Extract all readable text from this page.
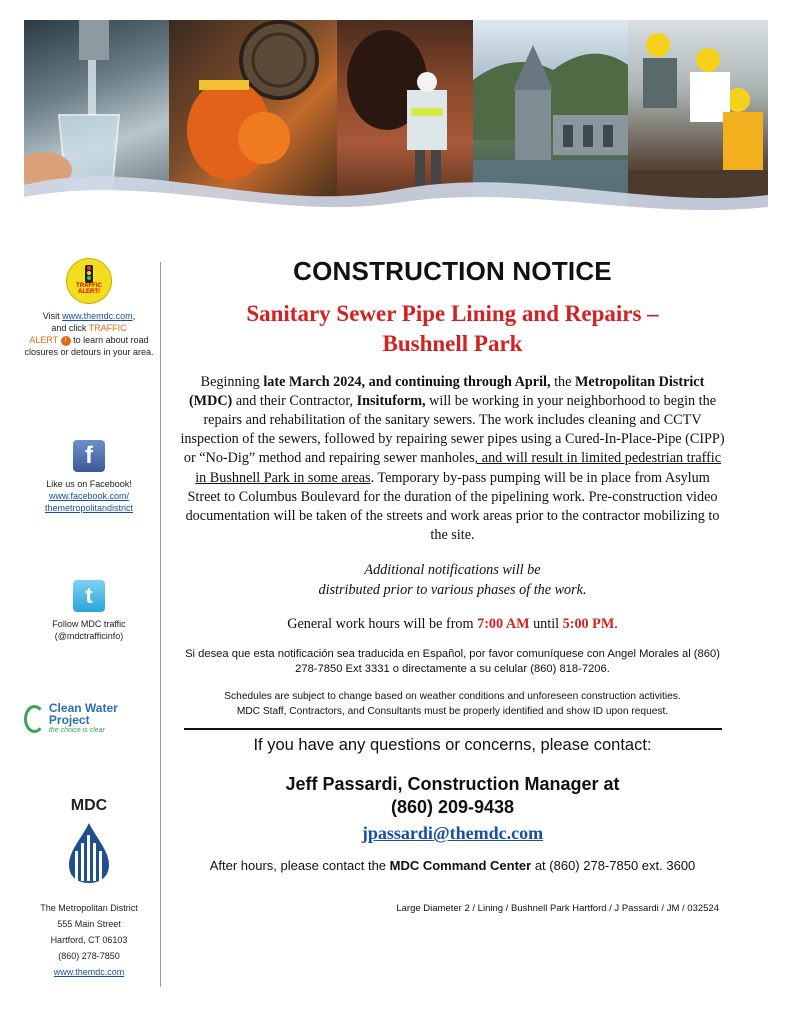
TRAFFIC ALERT!
Visit www.themdc.com,
and click TRAFFIC
ALERT ! to learn about road closures or detours in your area.
f
Like us on Facebook!
www.facebook.com/ themetropolitandistrict
t
Follow MDC traffic
(@mdctrafficinfo)
Clean Water Project
the choice is clear
MDC
The Metropolitan District
555 Main Street
Hartford, CT 06103
(860) 278-7850
www.themdc.com
CONSTRUCTION NOTICE
Sanitary Sewer Pipe Lining and Repairs –
Bushnell Park

Beginning late March 2024, and continuing through April, the Metropolitan District (MDC) and their Contractor, Insituform, will be working in your neighborhood to begin the repairs and rehabilitation of the sanitary sewers. The work includes cleaning and CCTV inspection of the sewers, followed by repairing sewer pipes using a Cured-In-Place-Pipe (CIPP) or “No-Dig” method and repairing sewer manholes, and will result in limited pedestrian traffic in Bushnell Park in some areas. Temporary by-pass pumping will be in place from Asylum Street to Columbus Boulevard for the duration of the pipelining work. Pre-construction video documentation will be taken of the streets and work areas prior to the contractor mobilizing to the site.

Additional notifications will be
distributed prior to various phases of the work.

General work hours will be from 7:00 AM until 5:00 PM.

Si desea que esta notificación sea traducida en Español, por favor comuníquese con Angel Morales al (860) 278-7850 Ext 3331 o directamente a su celular (860) 818-7206.

Schedules are subject to change based on weather conditions and unforeseen construction activities.
MDC Staff, Contractors, and Consultants must be properly identified and show ID upon request.

If you have any questions or concerns, please contact:
Jeff Passardi, Construction Manager at
(860) 209-9438
jpassardi@themdc.com
After hours, please contact the MDC Command Center at (860) 278-7850 ext. 3600
Large Diameter 2 / Lining / Bushnell Park Hartford / J Passardi / JM / 032524
